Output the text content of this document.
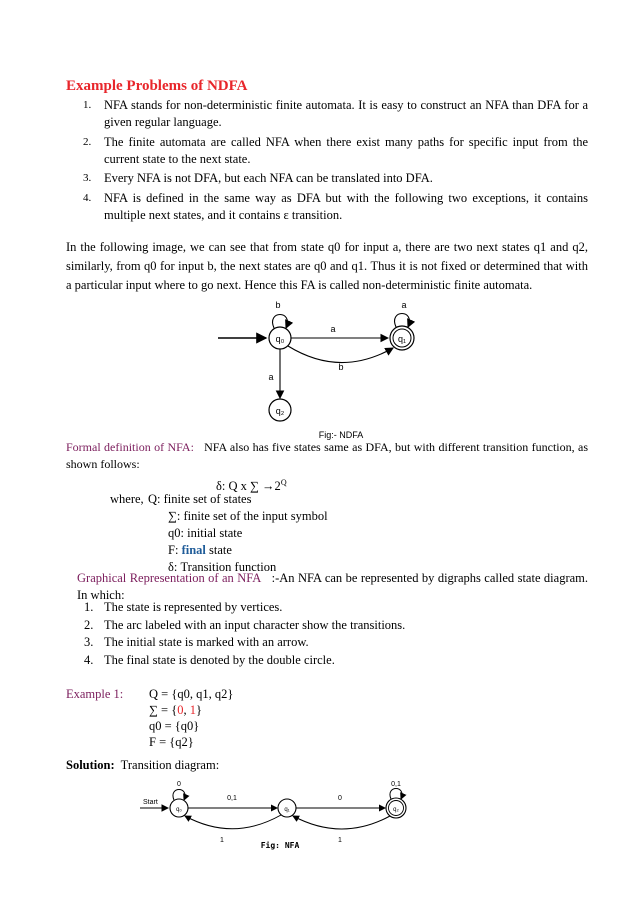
Example Problems of NDFA
1. NFA stands for non-deterministic finite automata. It is easy to construct an NFA than DFA for a given regular language.
2. The finite automata are called NFA when there exist many paths for specific input from the current state to the next state.
3. Every NFA is not DFA, but each NFA can be translated into DFA.
4. NFA is defined in the same way as DFA but with the following two exceptions, it contains multiple next states, and it contains ε transition.
In the following image, we can see that from state q0 for input a, there are two next states q1 and q2, similarly, from q0 for input b, the next states are q0 and q1. Thus it is not fixed or determined that with a particular input where to go next. Hence this FA is called non-deterministic finite automata.
q₀
b
q₁
a
a
b
a
q₂
Fig:- NDFA
Formal definition of NFA: NFA also has five states same as DFA, but with different transition function, as shown follows:
δ: Q x ∑ $\to 2^Q$
where, Q: finite set of states
∑: finite set of the input symbol
q0: initial state
F: final state
δ: Transition function
Graphical Representation of an NFA :-An NFA can be represented by digraphs called state diagram. In which:
1. The state is represented by vertices.
2. The arc labeled with an input character show the transitions.
3. The initial state is marked with an arrow.
4. The final state is denoted by the double circle.
Example 1: Q = {q0, q1, q2}
∑ = {0, 1}
q0 = {q0}
F = {q2}
Solution: Transition diagram:
Start
q₀
0
q₁	q₂
0,1
0,1	0
1	1
Fig: NFA
